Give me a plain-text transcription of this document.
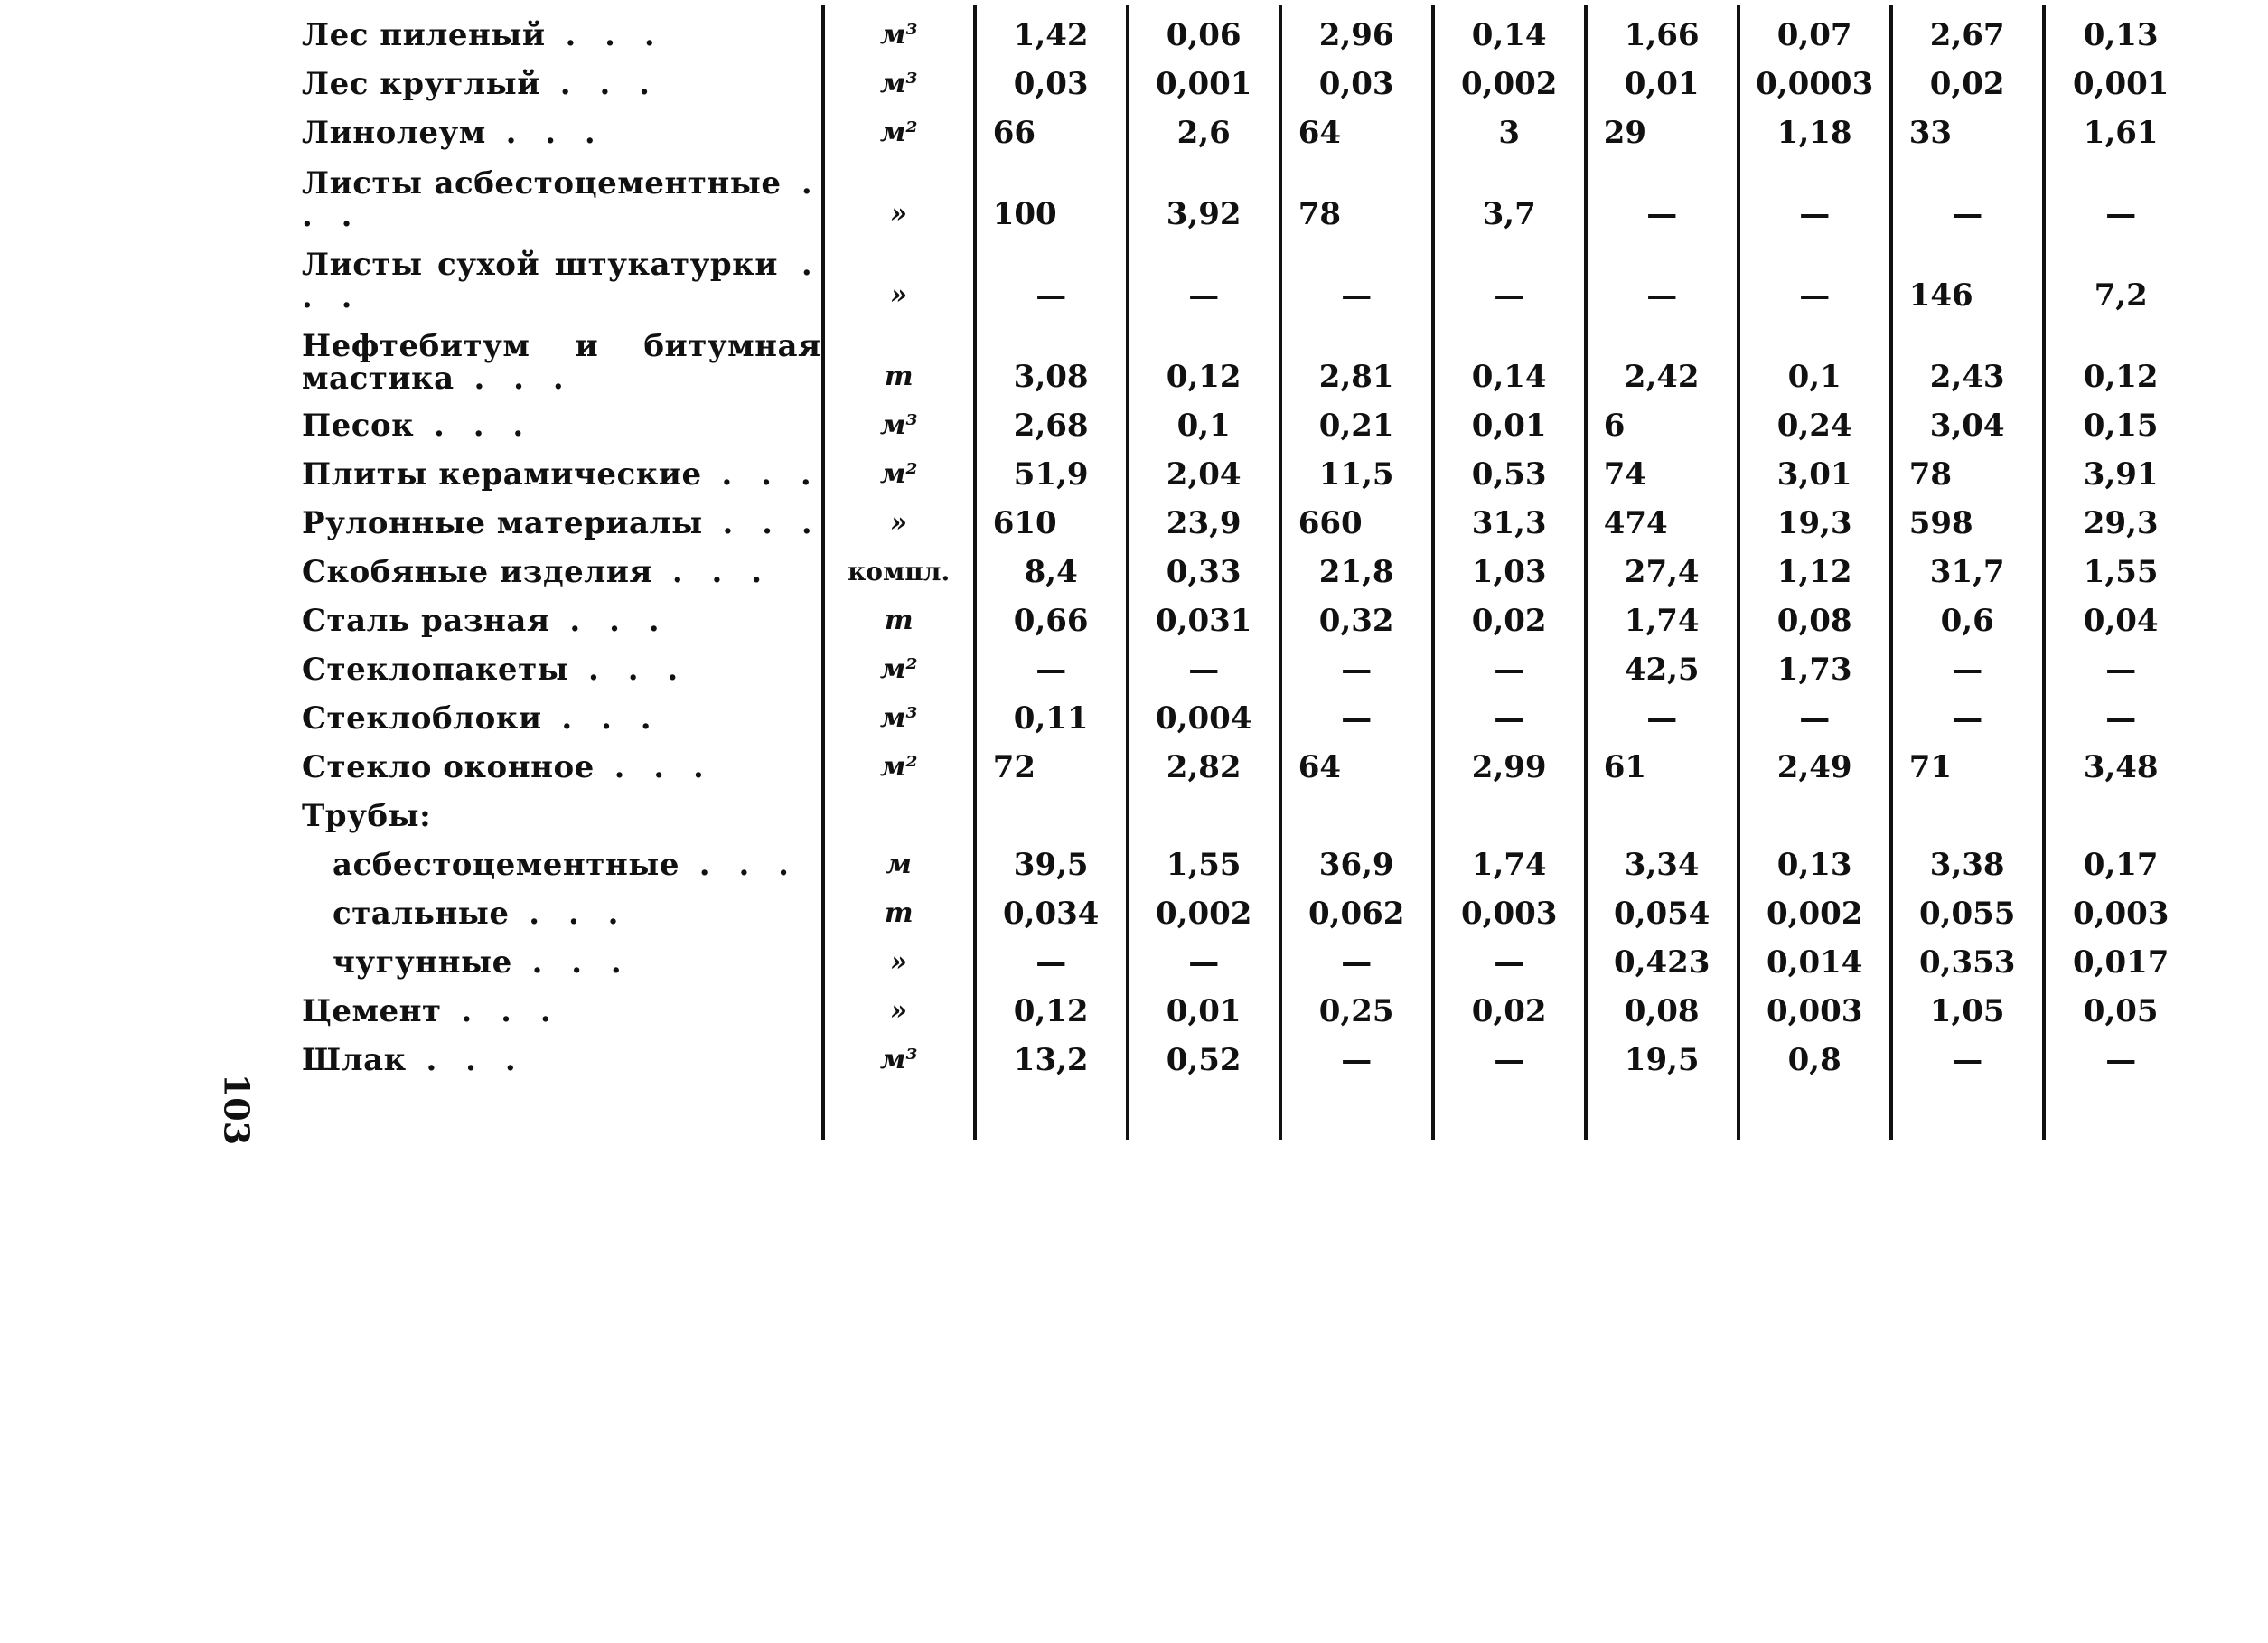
Лес пиленый . . .	м³	1,42	0,06	2,96	0,14	1,66	0,07	2,67	0,13
Лес круглый . . .	м³	0,03	0,001	0,03	0,002	0,01	0,0003	0,02	0,001
Линолеум . . .	м²	66	2,6	64	3	29	1,18	33	1,61
Листы асбестоцементные . . .	»	100	3,92	78	3,7	—	—	—	—
Листы сухой штукатурки . . .	»	—	—	—	—	—	—	146	7,2
Нефтебитум и битумная мастика . . .	т	3,08	0,12	2,81	0,14	2,42	0,1	2,43	0,12
Песок . . .	м³	2,68	0,1	0,21	0,01	6	0,24	3,04	0,15
Плиты керамические . . .	м²	51,9	2,04	11,5	0,53	74	3,01	78	3,91
Рулонные материалы . . .	»	610	23,9	660	31,3	474	19,3	598	29,3
Скобяные изделия . . .	компл.	8,4	0,33	21,8	1,03	27,4	1,12	31,7	1,55
Сталь разная . . .	т	0,66	0,031	0,32	0,02	1,74	0,08	0,6	0,04
Стеклопакеты . . .	м²	—	—	—	—	42,5	1,73	—	—
Стеклоблоки . . .	м³	0,11	0,004	—	—	—	—	—	—
Стекло оконное . . .	м²	72	2,82	64	2,99	61	2,49	71	3,48
Трубы:									
асбестоцементные . . .	м	39,5	1,55	36,9	1,74	3,34	0,13	3,38	0,17
стальные . . .	т	0,034	0,002	0,062	0,003	0,054	0,002	0,055	0,003
чугунные . . .	»	—	—	—	—	0,423	0,014	0,353	0,017
Цемент . . .	»	0,12	0,01	0,25	0,02	0,08	0,003	1,05	0,05
Шлак . . .	м³	13,2	0,52	—	—	19,5	0,8	—	—

103
